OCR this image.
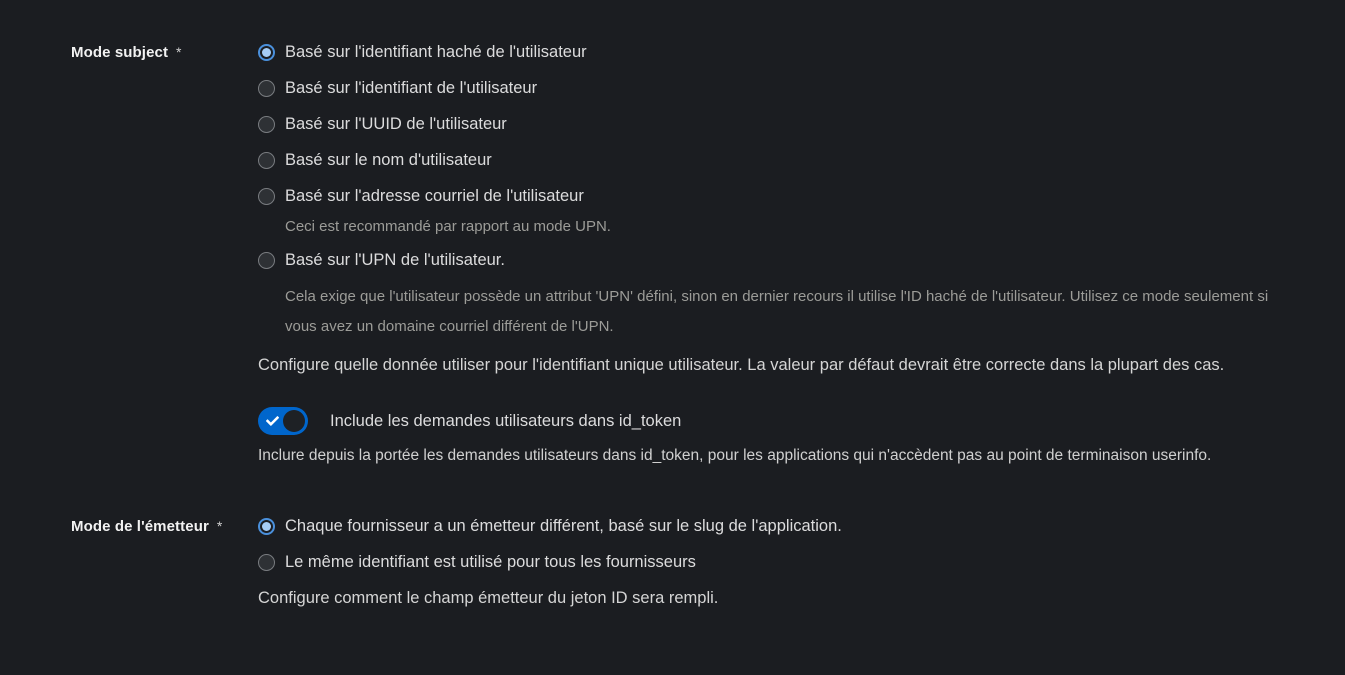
Mode subject *	Basé sur l'identifiant haché de l'utilisateur
Basé sur l'identifiant de l'utilisateur
Basé sur l'UUID de l'utilisateur
Basé sur le nom d'utilisateur
Basé sur l'adresse courriel de l'utilisateur
Ceci est recommandé par rapport au mode UPN.
Basé sur l'UPN de l'utilisateur.
Cela exige que l'utilisateur possède un attribut 'UPN' défini, sinon en dernier recours il utilise l'ID haché de l'utilisateur. Utilisez ce mode seulement si vous avez un domaine courriel différent de l'UPN.

Configure quelle donnée utiliser pour l'identifiant unique utilisateur. La valeur par défaut devrait être correcte dans la plupart des cas.

Include les demandes utilisateurs dans id_token

Inclure depuis la portée les demandes utilisateurs dans id_token, pour les applications qui n'accèdent pas au point de terminaison userinfo.

Mode de l'émetteur *	Chaque fournisseur a un émetteur différent, basé sur le slug de l'application.
Le même identifiant est utilisé pour tous les fournisseurs

Configure comment le champ émetteur du jeton ID sera rempli.
